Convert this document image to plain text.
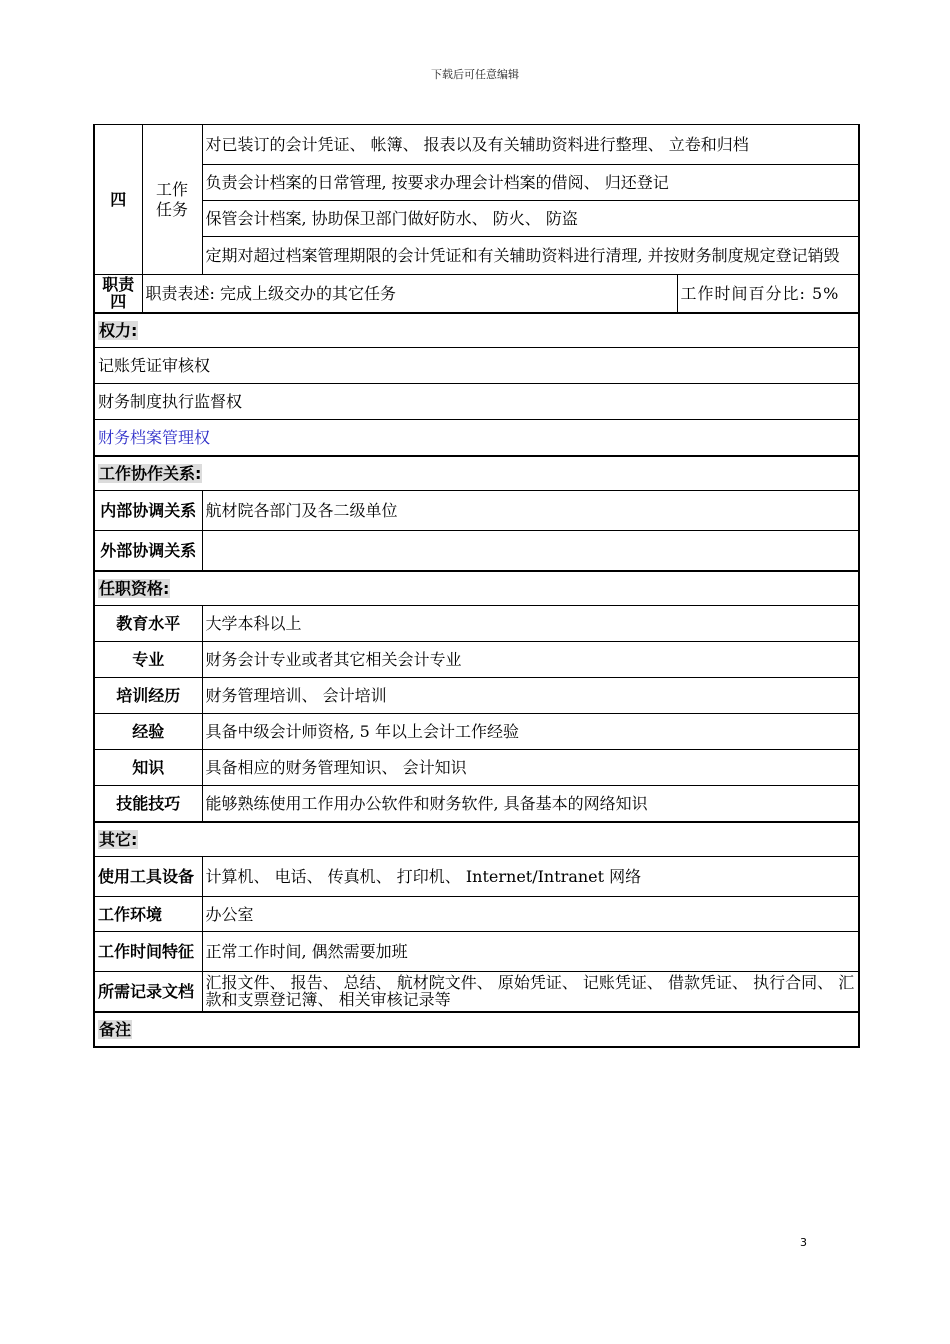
下载后可任意编辑
四	工作任务	对已装订的会计凭证、 帐簿、 报表以及有关辅助资料进行整理、 立卷和归档	
		负责会计档案的日常管理, 按要求办理会计档案的借阅、 归还登记	
		保管会计档案, 协助保卫部门做好防水、 防火、 防盗	
		定期对超过档案管理期限的会计凭证和有关辅助资料进行清理, 并按财务制度规定登记销毁	
职责四	职责表述: 完成上级交办的其它任务		工作时间百分比: 5%
权力:			
记账凭证审核权			
财务制度执行监督权			
财务档案管理权			
工作协作关系:			
内部协调关系		航材院各部门及各二级单位	
外部协调关系			
任职资格:			
教育水平		大学本科以上	
专业		财务会计专业或者其它相关会计专业	
培训经历		财务管理培训、 会计培训	
经验		具备中级会计师资格, 5 年以上会计工作经验	
知识		具备相应的财务管理知识、 会计知识	
技能技巧		能够熟练使用工作用办公软件和财务软件, 具备基本的网络知识	
其它:			
使用工具设备		计算机、 电话、 传真机、 打印机、 Internet/Intranet 网络	
工作环境		办公室	
工作时间特征		正常工作时间, 偶然需要加班	
所需记录文档		汇报文件、 报告、 总结、 航材院文件、 原始凭证、 记账凭证、 借款凭证、 执行合同、 汇款和支票登记簿、 相关审核记录等	
备注			
3
